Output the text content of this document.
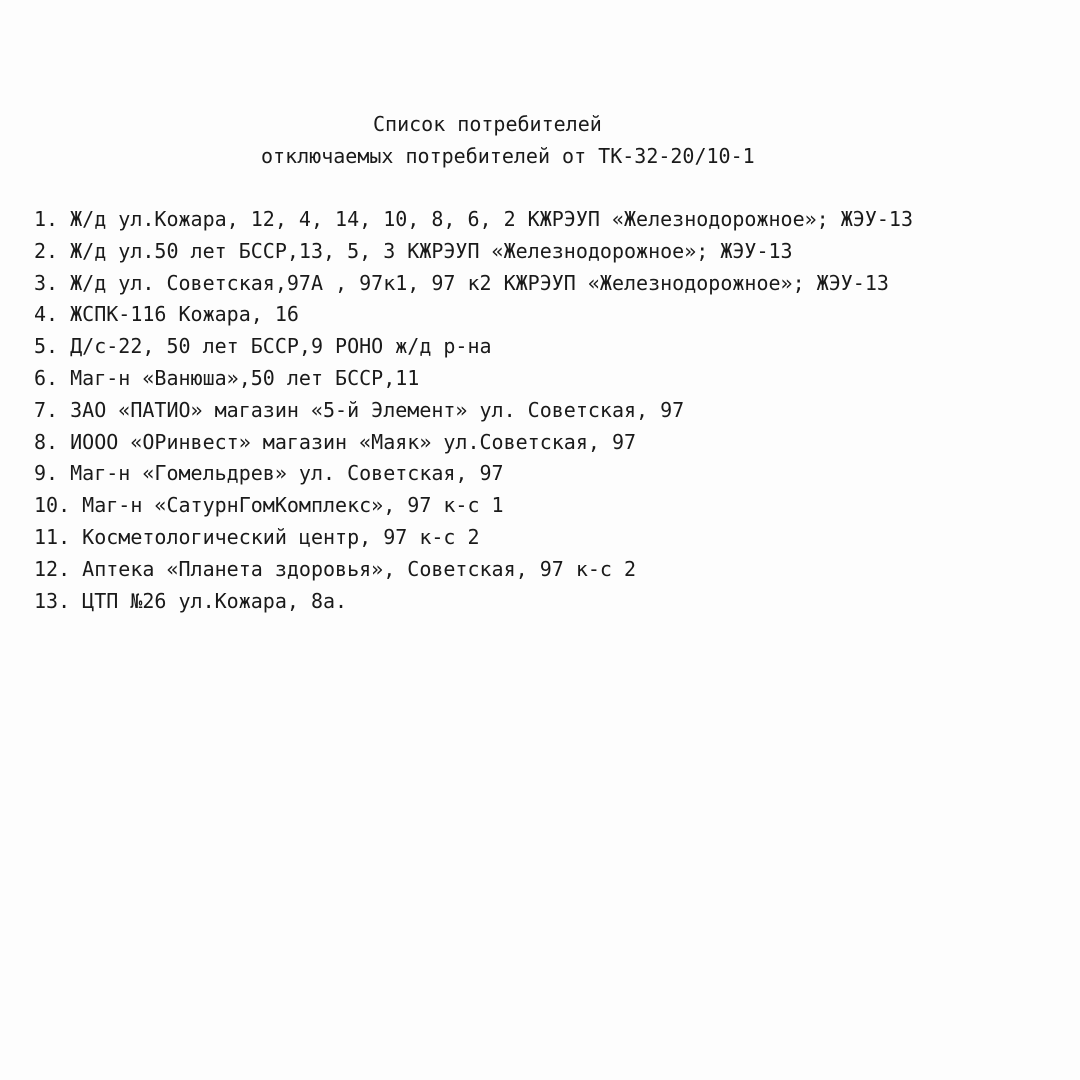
Список потребителей
отключаемых потребителей от ТК-32-20/10-1
1. Ж/д ул.Кожара, 12, 4, 14, 10, 8, 6, 2 КЖРЭУП «Железнодорожное»; ЖЭУ-13
2. Ж/д ул.50 лет БССР,13, 5, 3 КЖРЭУП «Железнодорожное»; ЖЭУ-13
3. Ж/д ул. Советская,97А , 97к1, 97 к2 КЖРЭУП «Железнодорожное»; ЖЭУ-13
4. ЖСПК-116 Кожара, 16
5. Д/с-22, 50 лет БССР,9 РОНО ж/д р-на
6. Маг-н «Ванюша»,50 лет БССР,11
7. ЗАО «ПАТИО» магазин «5-й Элемент» ул. Советская, 97
8. ИООО «ОРинвест» магазин «Маяк» ул.Советская, 97
9. Маг-н «Гомельдрев» ул. Советская, 97
10. Маг-н «СатурнГомКомплекс», 97 к-с 1
11. Косметологический центр, 97 к-с 2
12. Аптека «Планета здоровья», Советская, 97 к-с 2
13. ЦТП №26 ул.Кожара, 8а.
